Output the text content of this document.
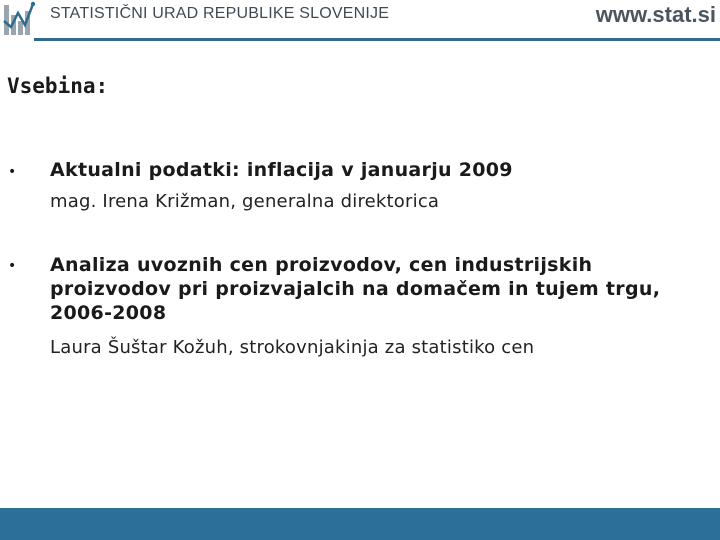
STATISTIČNI URAD REPUBLIKE SLOVENIJE	www.stat.si
Vsebina:
• Aktualni podatki: inflacija v januarju 2009
mag. Irena Križman, generalna direktorica
• Analiza uvoznih cen proizvodov, cen industrijskih proizvodov pri proizvajalcih na domačem in tujem trgu, 2006-2008
Laura Šuštar Kožuh, strokovnjakinja za statistiko cen
